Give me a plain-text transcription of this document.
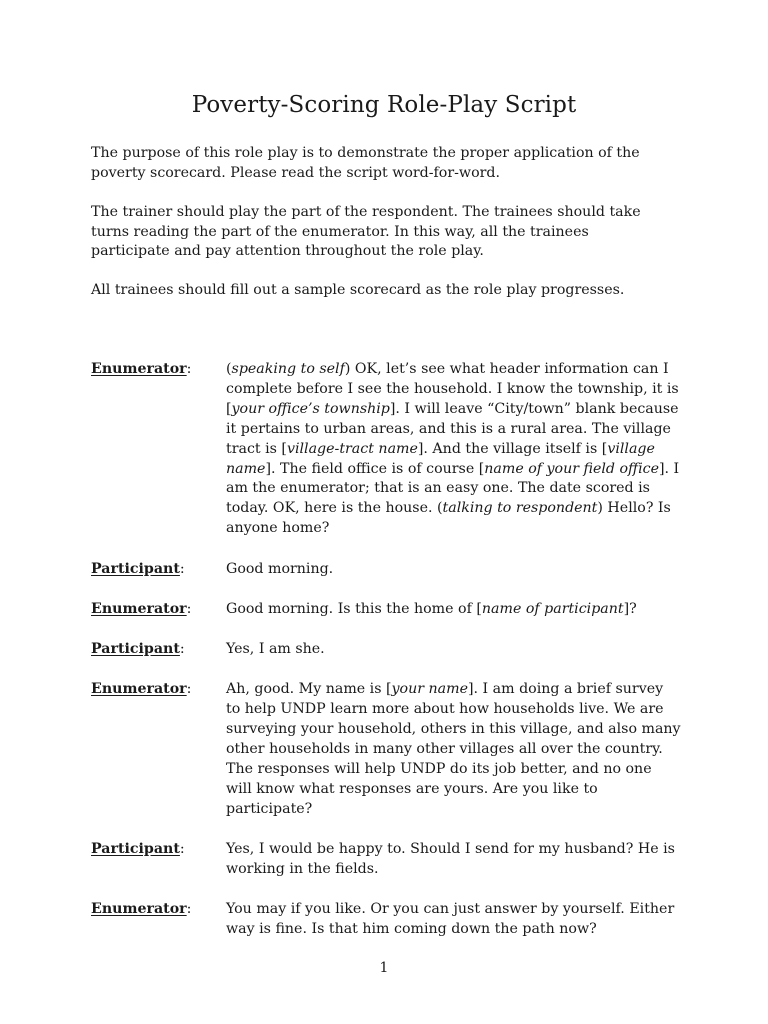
Poverty-Scoring Role-Play Script

The purpose of this role play is to demonstrate the proper application of the poverty scorecard. Please read the script word-for-word.

The trainer should play the part of the respondent. The trainees should take turns reading the part of the enumerator. In this way, all the trainees participate and pay attention throughout the role play.

All trainees should fill out a sample scorecard as the role play progresses.

Enumerator:	(speaking to self) OK, let’s see what header information can I complete before I see the household. I know the township, it is [your office’s township]. I will leave “City/town” blank because it pertains to urban areas, and this is a rural area. The village tract is [village-tract name]. And the village itself is [village name]. The field office is of course [name of your field office]. I am the enumerator; that is an easy one. The date scored is today. OK, here is the house. (talking to respondent) Hello? Is anyone home?

Participant:	Good morning.

Enumerator:	Good morning. Is this the home of [name of participant]?

Participant:	Yes, I am she.

Enumerator:	Ah, good. My name is [your name]. I am doing a brief survey to help UNDP learn more about how households live. We are surveying your household, others in this village, and also many other households in many other villages all over the country. The responses will help UNDP do its job better, and no one will know what responses are yours. Are you like to participate?

Participant:	Yes, I would be happy to. Should I send for my husband? He is working in the fields.

Enumerator:	You may if you like. Or you can just answer by yourself. Either way is fine. Is that him coming down the path now?

1
